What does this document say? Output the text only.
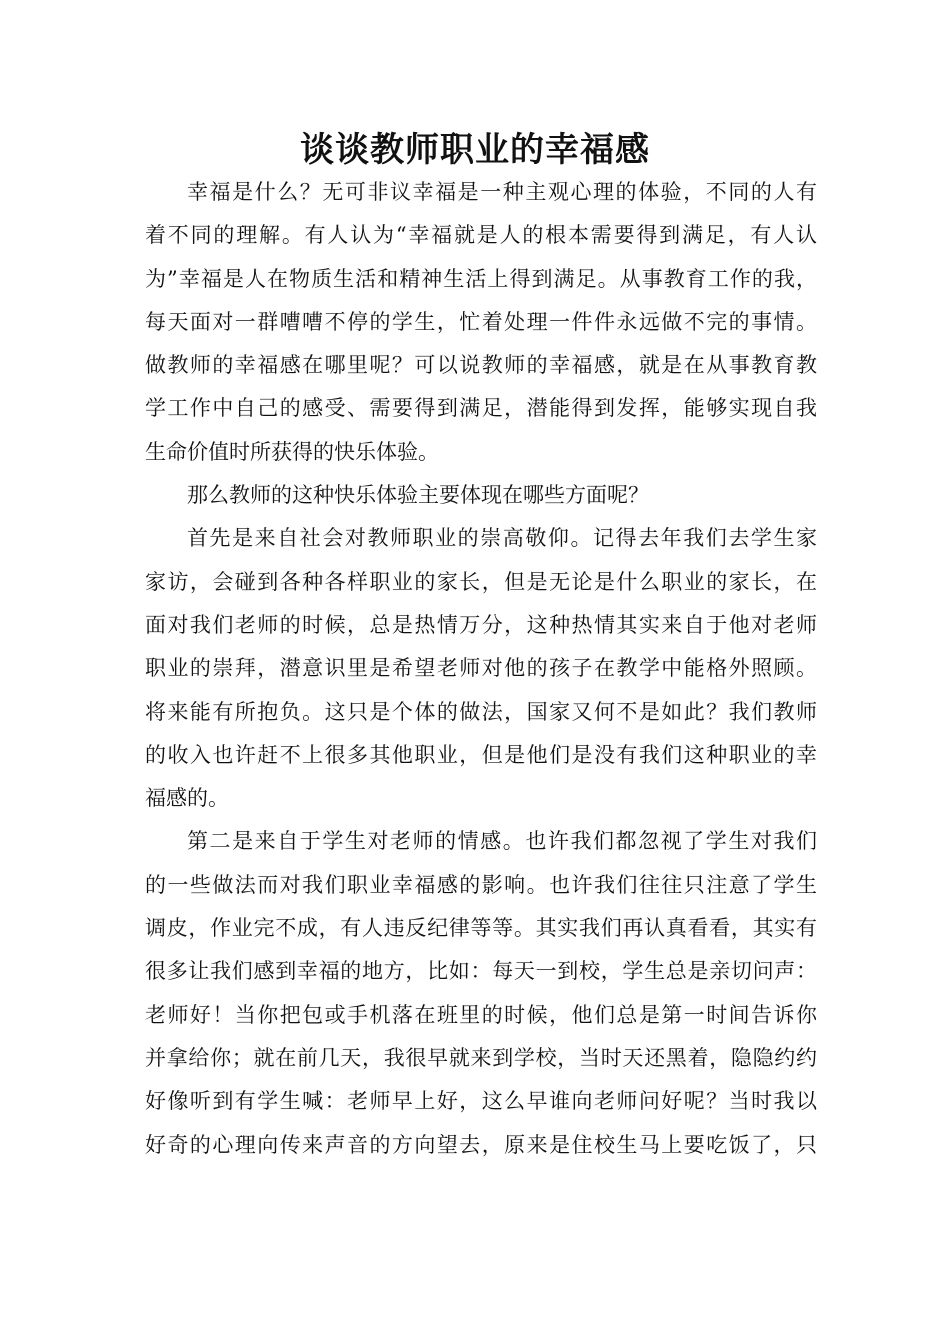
谈谈教师职业的幸福感
幸福是什么？无可非议幸福是一种主观心理的体验，不同的人有
着不同的理解。有人认为“幸福就是人的根本需要得到满足，有人认
为”幸福是人在物质生活和精神生活上得到满足。从事教育工作的我，
每天面对一群嘈嘈不停的学生，忙着处理一件件永远做不完的事情。
做教师的幸福感在哪里呢？可以说教师的幸福感，就是在从事教育教
学工作中自己的感受、需要得到满足，潜能得到发挥，能够实现自我
生命价值时所获得的快乐体验。
那么教师的这种快乐体验主要体现在哪些方面呢？
首先是来自社会对教师职业的崇高敬仰。记得去年我们去学生家
家访，会碰到各种各样职业的家长，但是无论是什么职业的家长，在
面对我们老师的时候，总是热情万分，这种热情其实来自于他对老师
职业的崇拜，潜意识里是希望老师对他的孩子在教学中能格外照顾。
将来能有所抱负。这只是个体的做法，国家又何不是如此？我们教师
的收入也许赶不上很多其他职业，但是他们是没有我们这种职业的幸
福感的。
第二是来自于学生对老师的情感。也许我们都忽视了学生对我们
的一些做法而对我们职业幸福感的影响。也许我们往往只注意了学生
调皮，作业完不成，有人违反纪律等等。其实我们再认真看看，其实有
很多让我们感到幸福的地方，比如：每天一到校，学生总是亲切问声：
老师好！当你把包或手机落在班里的时候，他们总是第一时间告诉你
并拿给你；就在前几天，我很早就来到学校，当时天还黑着，隐隐约约
好像听到有学生喊：老师早上好，这么早谁向老师问好呢？当时我以
好奇的心理向传来声音的方向望去，原来是住校生马上要吃饭了，只
